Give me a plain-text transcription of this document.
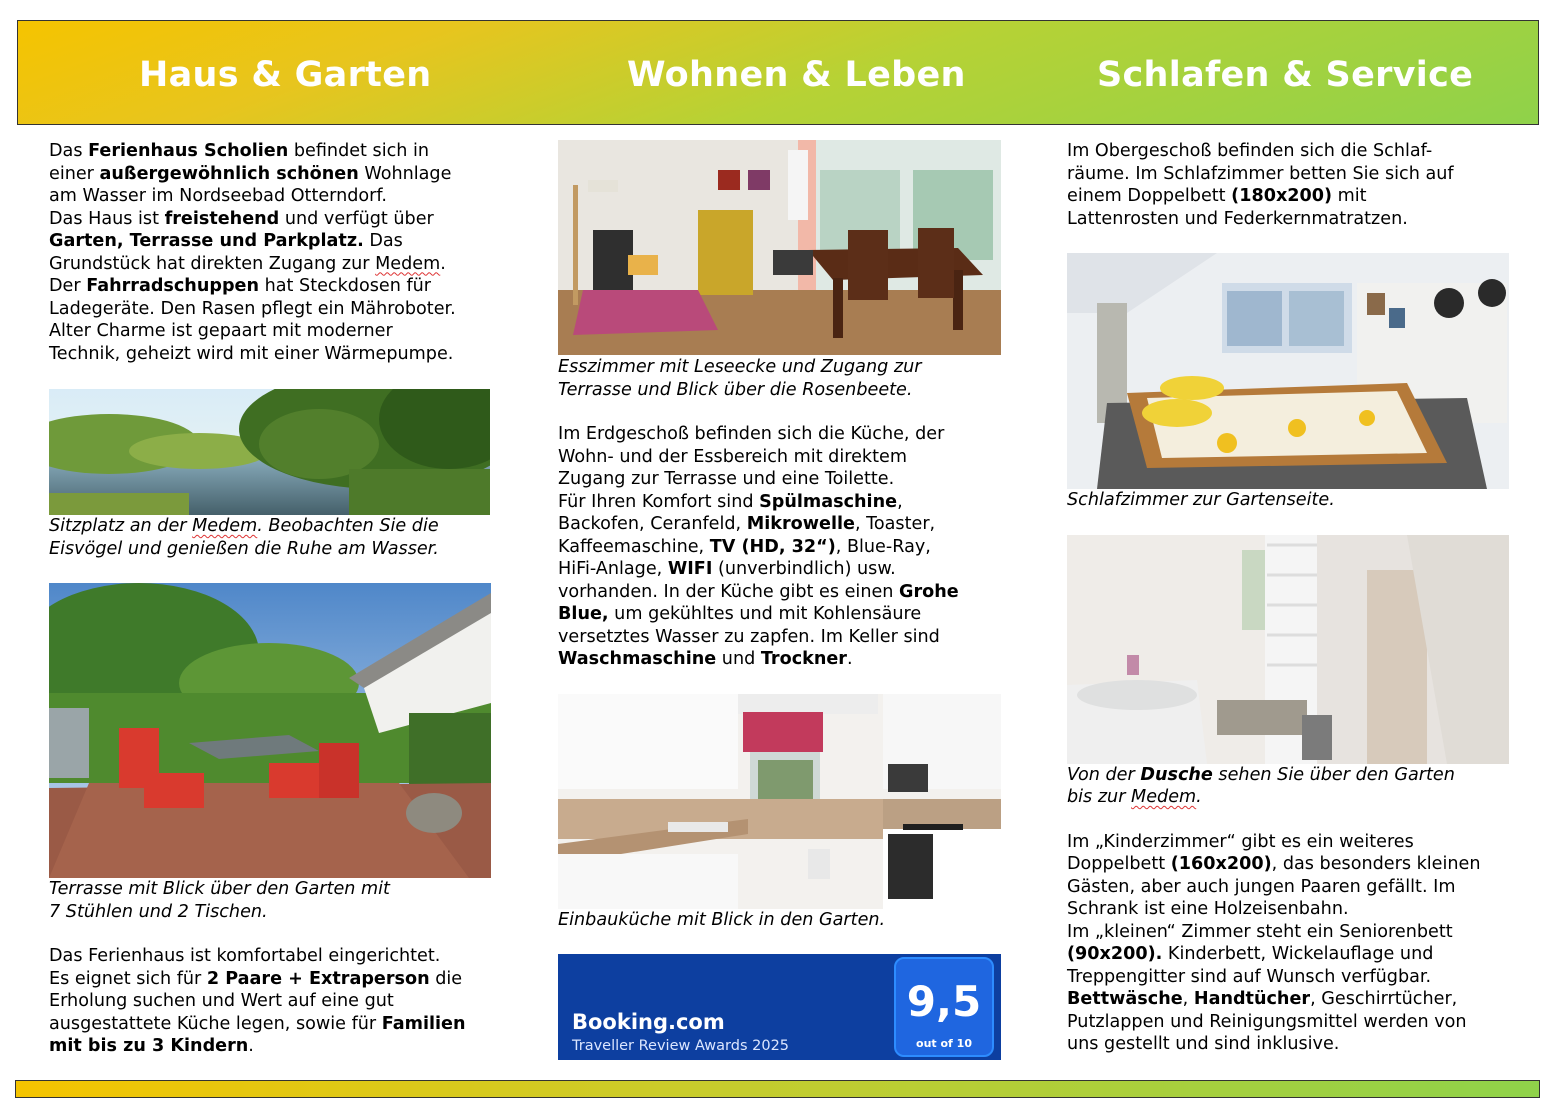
Haus & Garten	Wohnen & Leben	Schlafen & Service

Das Ferienhaus Scholien befindet sich in
einer außergewöhnlich schönen Wohnlage
am Wasser im Nordseebad Otterndorf.
Das Haus ist freistehend und verfügt über
Garten, Terrasse und Parkplatz. Das
Grundstück hat direkten Zugang zur Medem.
Der Fahrradschuppen hat Steckdosen für
Ladegeräte. Den Rasen pflegt ein Mähroboter.
Alter Charme ist gepaart mit moderner
Technik, geheizt wird mit einer Wärmepumpe.

Sitzplatz an der Medem. Beobachten Sie die
Eisvögel und genießen die Ruhe am Wasser.

Terrasse mit Blick über den Garten mit
7 Stühlen und 2 Tischen.

Das Ferienhaus ist komfortabel eingerichtet.
Es eignet sich für 2 Paare + Extraperson die
Erholung suchen und Wert auf eine gut
ausgestattete Küche legen, sowie für Familien
mit bis zu 3 Kindern.

Esszimmer mit Leseecke und Zugang zur
Terrasse und Blick über die Rosenbeete.

Im Erdgeschoß befinden sich die Küche, der
Wohn- und der Essbereich mit direktem
Zugang zur Terrasse und eine Toilette.
Für Ihren Komfort sind Spülmaschine,
Backofen, Ceranfeld, Mikrowelle, Toaster,
Kaffeemaschine, TV (HD, 32“), Blue-Ray,
HiFi-Anlage, WIFI (unverbindlich) usw.
vorhanden. In der Küche gibt es einen Grohe
Blue, um gekühltes und mit Kohlensäure
versetztes Wasser zu zapfen. Im Keller sind
Waschmaschine und Trockner.

Einbauküche mit Blick in den Garten.

Booking.com
Traveller Review Awards 2025
9,5
out of 10

Im Obergeschoß befinden sich die Schlaf-
räume. Im Schlafzimmer betten Sie sich auf
einem Doppelbett (180x200) mit
Lattenrosten und Federkernmatratzen.

Schlafzimmer zur Gartenseite.

Von der Dusche sehen Sie über den Garten
bis zur Medem.

Im „Kinderzimmer“ gibt es ein weiteres
Doppelbett (160x200), das besonders kleinen
Gästen, aber auch jungen Paaren gefällt. Im
Schrank ist eine Holzeisenbahn.
Im „kleinen“ Zimmer steht ein Seniorenbett
(90x200). Kinderbett, Wickelauflage und
Treppengitter sind auf Wunsch verfügbar.
Bettwäsche, Handtücher, Geschirrtücher,
Putzlappen und Reinigungsmittel werden von
uns gestellt und sind inklusive.
